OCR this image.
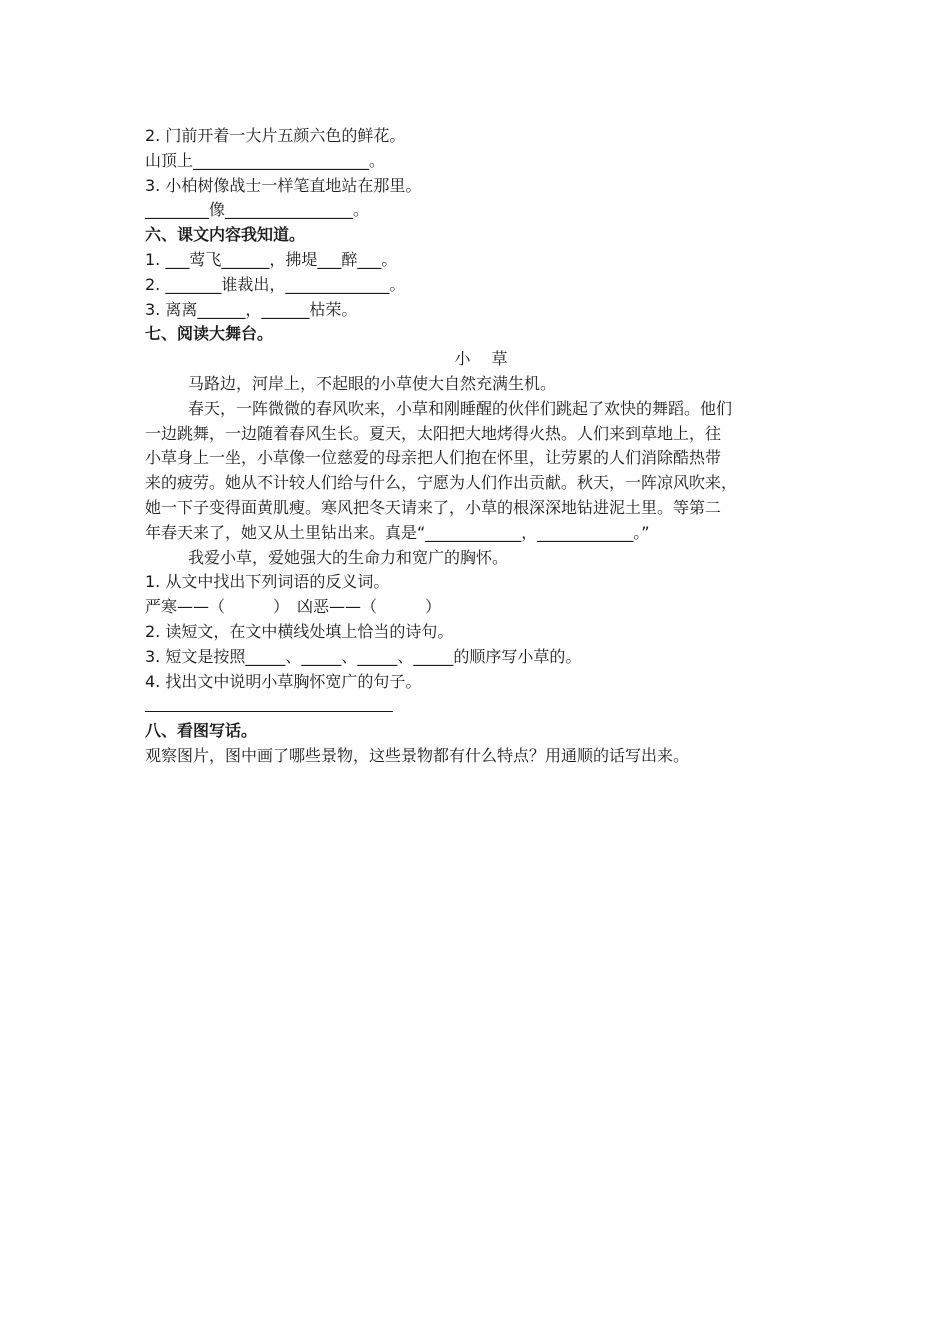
2. 门前开着一大片五颜六色的鲜花。
山顶上______________________。
3. 小柏树像战士一样笔直地站在那里。
________像________________。
六、课文内容我知道。
1. ___莺飞______，拂堤___醉___。
2. _______谁裁出，_____________。
3. 离离______，______枯荣。
七、阅读大舞台。
小 草
马路边，河岸上，不起眼的小草使大自然充满生机。
春天，一阵微微的春风吹来，小草和刚睡醒的伙伴们跳起了欢快的舞蹈。他们
一边跳舞，一边随着春风生长。夏天，太阳把大地烤得火热。人们来到草地上，往
小草身上一坐，小草像一位慈爱的母亲把人们抱在怀里，让劳累的人们消除酷热带
来的疲劳。她从不计较人们给与什么，宁愿为人们作出贡献。秋天，一阵凉风吹来，
她一下子变得面黄肌瘦。寒风把冬天请来了，小草的根深深地钻进泥土里。等第二
年春天来了，她又从土里钻出来。真是“____________，____________。”
我爱小草，爱她强大的生命力和宽广的胸怀。
1. 从文中找出下列词语的反义词。
严寒——（　　　）　凶恶——（　　　）
2. 读短文，在文中横线处填上恰当的诗句。
3. 短文是按照_____、_____、_____、_____的顺序写小草的。
4. 找出文中说明小草胸怀宽广的句子。
八、看图写话。
观察图片，图中画了哪些景物，这些景物都有什么特点？用通顺的话写出来。
